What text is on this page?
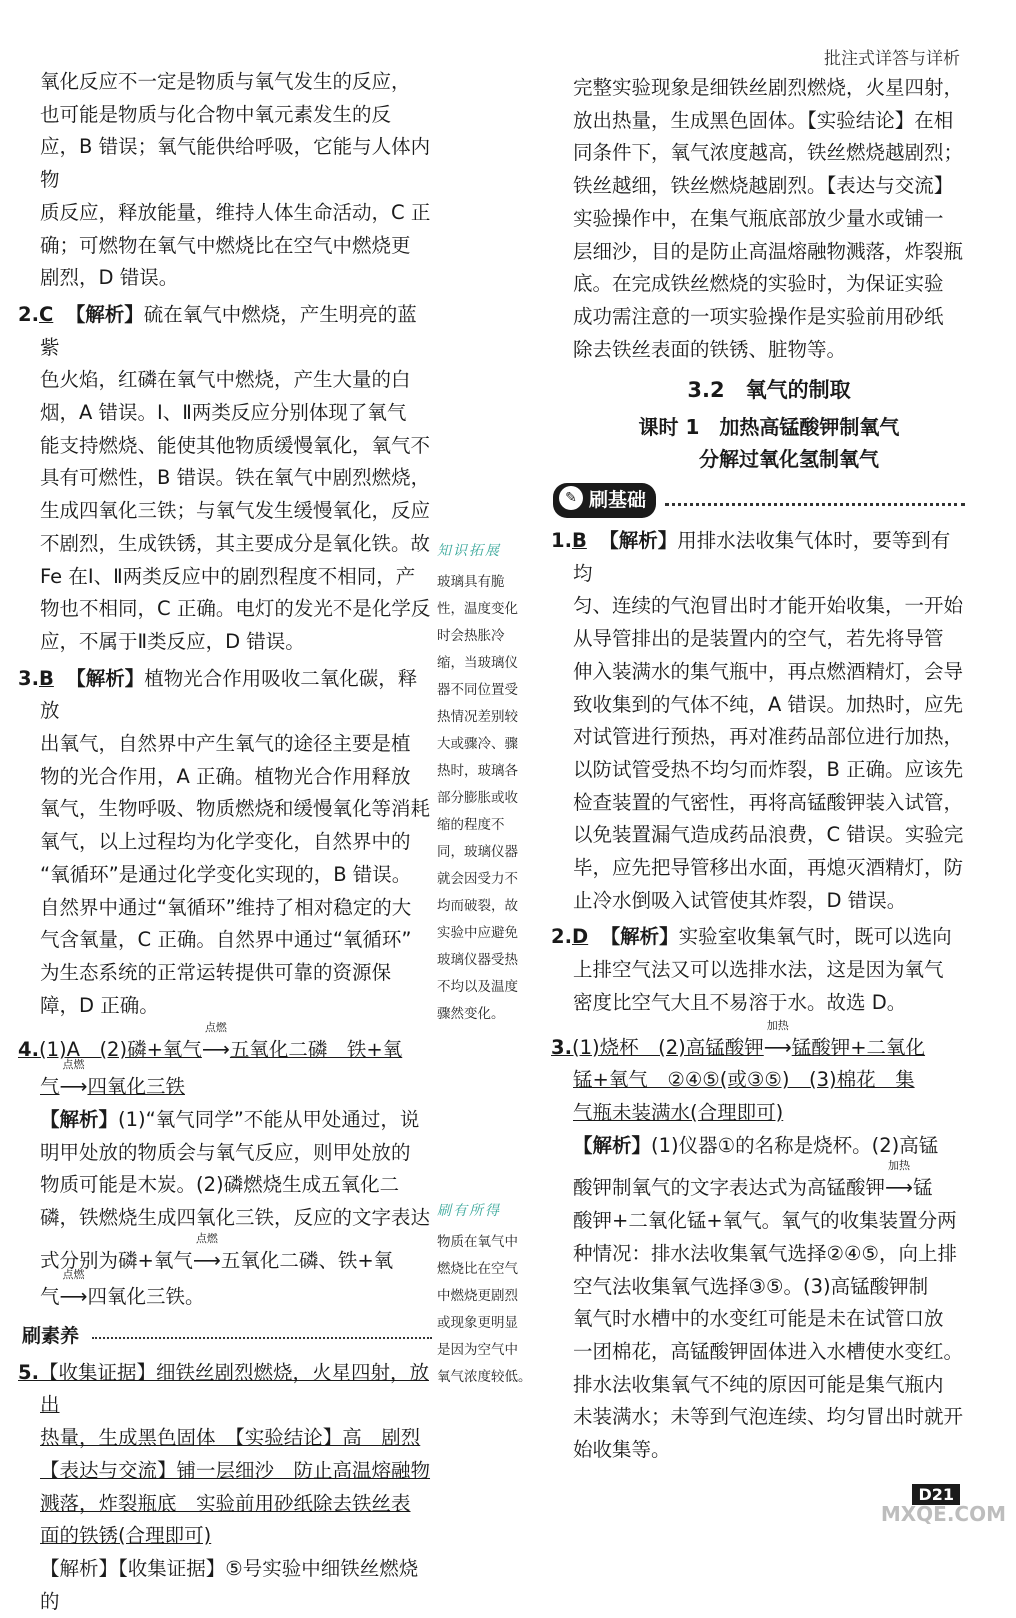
批注式详答与详析
氧化反应不一定是物质与氧气发生的反应，
也可能是物质与化合物中氧元素发生的反
应，B 错误；氧气能供给呼吸，它能与人体内物
质反应，释放能量，维持人体生命活动，C 正
确；可燃物在氧气中燃烧比在空气中燃烧更
剧烈，D 错误。
2.C 【解析】硫在氧气中燃烧，产生明亮的蓝紫
色火焰，红磷在氧气中燃烧，产生大量的白
烟，A 错误。Ⅰ、Ⅱ两类反应分别体现了氧气
能支持燃烧、能使其他物质缓慢氧化，氧气不
具有可燃性，B 错误。铁在氧气中剧烈燃烧，
生成四氧化三铁；与氧气发生缓慢氧化，反应
不剧烈，生成铁锈，其主要成分是氧化铁。故
Fe 在Ⅰ、Ⅱ两类反应中的剧烈程度不相同，产
物也不相同，C 正确。电灯的发光不是化学反
应，不属于Ⅱ类反应，D 错误。
3.B 【解析】植物光合作用吸收二氧化碳，释放
出氧气，自然界中产生氧气的途径主要是植
物的光合作用，A 正确。植物光合作用释放
氧气，生物呼吸、物质燃烧和缓慢氧化等消耗
氧气，以上过程均为化学变化，自然界中的
“氧循环”是通过化学变化实现的，B 错误。
自然界中通过“氧循环”维持了相对稳定的大
气含氧量，C 正确。自然界中通过“氧循环”
为生态系统的正常运转提供可靠的资源保
障，D 正确。
4.(1)A　(2)磷+氧气
点燃
⟶五氧化二磷　铁+氧
气
点燃
⟶四氧化三铁
【解析】(1)“氧气同学”不能从甲处通过，说
明甲处放的物质会与氧气反应，则甲处放的
物质可能是木炭。(2)磷燃烧生成五氧化二
磷，铁燃烧生成四氧化三铁，反应的文字表达
式分别为磷+氧气
点燃
⟶五氧化二磷、铁+氧
气
点燃
⟶四氧化三铁。
刷素养
5.【收集证据】细铁丝剧烈燃烧，火星四射，放出
热量，生成黑色固体　【实验结论】高　剧烈
【表达与交流】铺一层细沙　防止高温熔融物
溅落，炸裂瓶底　实验前用砂纸除去铁丝表
面的铁锈(合理即可)
【解析】【收集证据】⑤号实验中细铁丝燃烧的
知识拓展
玻璃具有脆
性，温度变化
时会热胀冷
缩，当玻璃仪
器不同位置受
热情况差别较
大或骤冷、骤
热时，玻璃各
部分膨胀或收
缩的程度不
同，玻璃仪器
就会因受力不
均而破裂，故
实验中应避免
玻璃仪器受热
不均以及温度
骤然变化。
刷有所得
物质在氧气中
燃烧比在空气
中燃烧更剧烈
或现象更明显
是因为空气中
氧气浓度较低。
完整实验现象是细铁丝剧烈燃烧，火星四射，
放出热量，生成黑色固体。【实验结论】在相
同条件下，氧气浓度越高，铁丝燃烧越剧烈；
铁丝越细，铁丝燃烧越剧烈。【表达与交流】
实验操作中，在集气瓶底部放少量水或铺一
层细沙，目的是防止高温熔融物溅落，炸裂瓶
底。在完成铁丝燃烧的实验时，为保证实验
成功需注意的一项实验操作是实验前用砂纸
除去铁丝表面的铁锈、脏物等。
3.2　氧气的制取
课时 1　加热高锰酸钾制氧气
分解过氧化氢制氧气
✎ 刷基础
1.B 【解析】用排水法收集气体时，要等到有均
匀、连续的气泡冒出时才能开始收集，一开始
从导管排出的是装置内的空气，若先将导管
伸入装满水的集气瓶中，再点燃酒精灯，会导
致收集到的气体不纯，A 错误。加热时，应先
对试管进行预热，再对准药品部位进行加热，
以防试管受热不均匀而炸裂，B 正确。应该先
检查装置的气密性，再将高锰酸钾装入试管，
以免装置漏气造成药品浪费，C 错误。实验完
毕，应先把导管移出水面，再熄灭酒精灯，防
止冷水倒吸入试管使其炸裂，D 错误。
2.D 【解析】实验室收集氧气时，既可以选向
上排空气法又可以选排水法，这是因为氧气
密度比空气大且不易溶于水。故选 D。
3.(1)烧杯　(2)高锰酸钾
加热
⟶锰酸钾+二氧化
锰+氧气　②④⑤(或③⑤)　(3)棉花　集
气瓶未装满水(合理即可)
【解析】(1)仪器①的名称是烧杯。(2)高锰
酸钾制氧气的文字表达式为高锰酸钾
加热
⟶锰
酸钾+二氧化锰+氧气。氧气的收集装置分两
种情况：排水法收集氧气选择②④⑤，向上排
空气法收集氧气选择③⑤。(3)高锰酸钾制
氧气时水槽中的水变红可能是未在试管口放
一团棉花，高锰酸钾固体进入水槽使水变红。
排水法收集氧气不纯的原因可能是集气瓶内
未装满水；未等到气泡连续、均匀冒出时就开
始收集等。
D21
MXQE.COM
